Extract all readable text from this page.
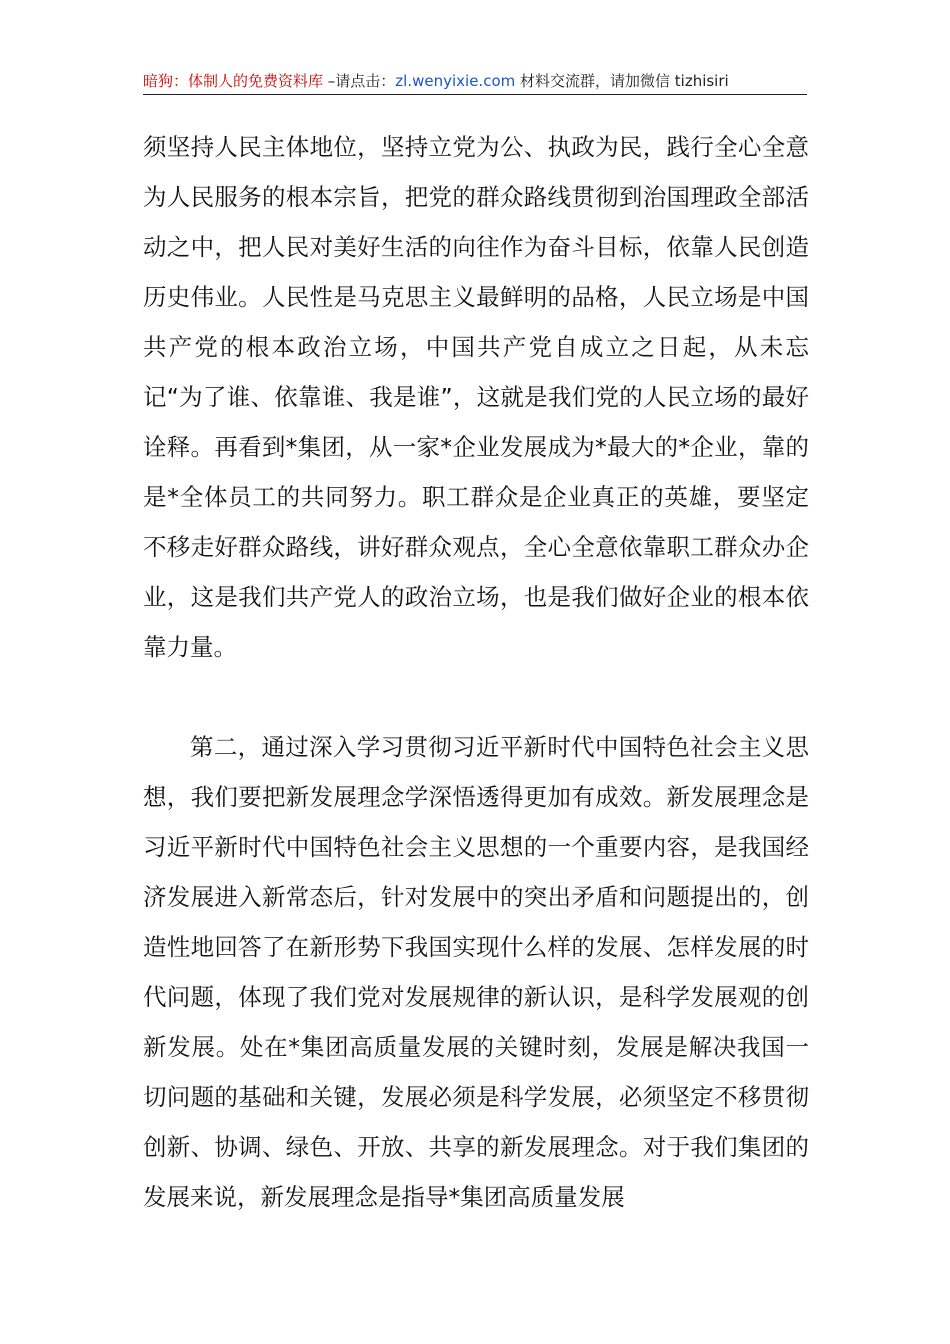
暗狗：体制人的免费资料库 –请点击：zl.wenyixie.com 材料交流群，请加微信 tizhisiri

须坚持人民主体地位，坚持立党为公、执政为民，践行全心全意为人民服务的根本宗旨，把党的群众路线贯彻到治国理政全部活动之中，把人民对美好生活的向往作为奋斗目标，依靠人民创造历史伟业。人民性是马克思主义最鲜明的品格，人民立场是中国共产党的根本政治立场，中国共产党自成立之日起，从未忘记“为了谁、依靠谁、我是谁”，这就是我们党的人民立场的最好诠释。再看到*集团，从一家*企业发展成为*最大的*企业，靠的是*全体员工的共同努力。职工群众是企业真正的英雄，要坚定不移走好群众路线，讲好群众观点，全心全意依靠职工群众办企业，这是我们共产党人的政治立场，也是我们做好企业的根本依靠力量。

第二，通过深入学习贯彻习近平新时代中国特色社会主义思想，我们要把新发展理念学深悟透得更加有成效。新发展理念是习近平新时代中国特色社会主义思想的一个重要内容，是我国经济发展进入新常态后，针对发展中的突出矛盾和问题提出的，创造性地回答了在新形势下我国实现什么样的发展、怎样发展的时代问题，体现了我们党对发展规律的新认识，是科学发展观的创新发展。处在*集团高质量发展的关键时刻，发展是解决我国一切问题的基础和关键，发展必须是科学发展，必须坚定不移贯彻创新、协调、绿色、开放、共享的新发展理念。对于我们集团的发展来说，新发展理念是指导*集团高质量发展
